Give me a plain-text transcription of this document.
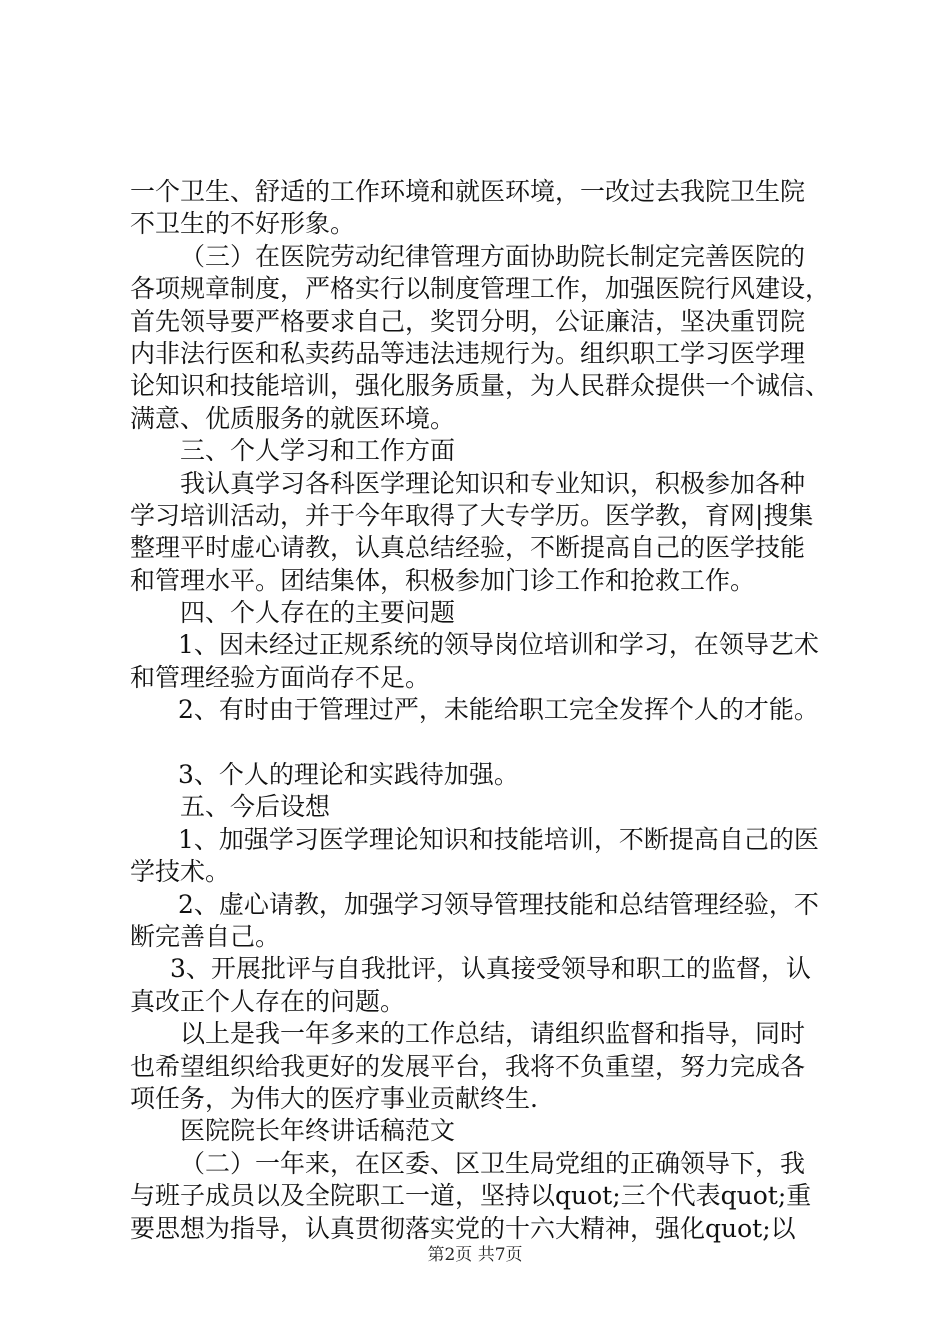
一个卫生、舒适的工作环境和就医环境，一改过去我院卫生院
不卫生的不好形象。
（三）在医院劳动纪律管理方面协助院长制定完善医院的
各项规章制度，严格实行以制度管理工作，加强医院行风建设，
首先领导要严格要求自己，奖罚分明，公证廉洁，坚决重罚院
内非法行医和私卖药品等违法违规行为。组织职工学习医学理
论知识和技能培训，强化服务质量，为人民群众提供一个诚信、
满意、优质服务的就医环境。
三、个人学习和工作方面
我认真学习各科医学理论知识和专业知识，积极参加各种
学习培训活动，并于今年取得了大专学历。医学教，育网|搜集
整理平时虚心请教，认真总结经验，不断提高自己的医学技能
和管理水平。团结集体，积极参加门诊工作和抢救工作。
四、个人存在的主要问题
1、因未经过正规系统的领导岗位培训和学习，在领导艺术
和管理经验方面尚存不足。
2、有时由于管理过严，未能给职工完全发挥个人的才能。
3、个人的理论和实践待加强。
五、今后设想
1、加强学习医学理论知识和技能培训，不断提高自己的医
学技术。
2、虚心请教，加强学习领导管理技能和总结管理经验，不
断完善自己。
3、开展批评与自我批评，认真接受领导和职工的监督，认
真改正个人存在的问题。
以上是我一年多来的工作总结，请组织监督和指导，同时
也希望组织给我更好的发展平台，我将不负重望，努力完成各
项任务，为伟大的医疗事业贡献终生.
医院院长年终讲话稿范文
（二）一年来，在区委、区卫生局党组的正确领导下，我
与班子成员以及全院职工一道，坚持以quot;三个代表quot;重
要思想为指导，认真贯彻落实党的十六大精神，强化quot;以
第2页 共7页
